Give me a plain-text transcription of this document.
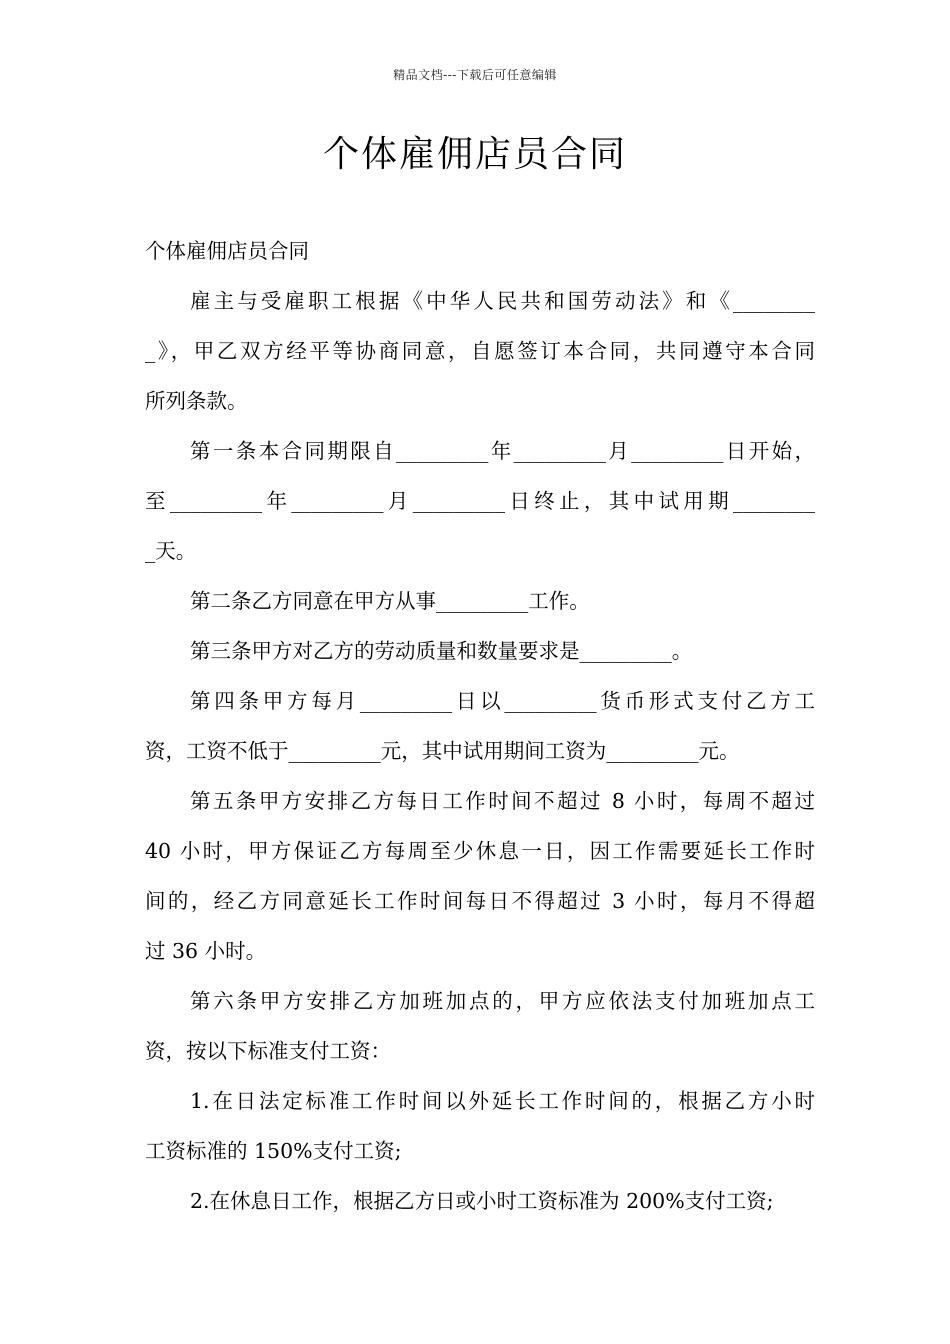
精品文档---下载后可任意编辑
个体雇佣店员合同
个体雇佣店员合同
雇主与受雇职工根据《中华人民共和国劳动法》和《________
_》，甲乙双方经平等协商同意，自愿签订本合同，共同遵守本合同
所列条款。
第一条本合同期限自_________年_________月_________日开始，
至_________年_________月_________日终止，其中试用期________
_天。
第二条乙方同意在甲方从事_________工作。
第三条甲方对乙方的劳动质量和数量要求是_________。
第四条甲方每月_________日以_________货币形式支付乙方工
资，工资不低于_________元，其中试用期间工资为_________元。
第五条甲方安排乙方每日工作时间不超过 8 小时，每周不超过
40 小时，甲方保证乙方每周至少休息一日，因工作需要延长工作时
间的，经乙方同意延长工作时间每日不得超过 3 小时，每月不得超
过 36 小时。
第六条甲方安排乙方加班加点的，甲方应依法支付加班加点工
资，按以下标准支付工资：
1.在日法定标准工作时间以外延长工作时间的，根据乙方小时
工资标准的 150%支付工资;
2.在休息日工作，根据乙方日或小时工资标准为 200%支付工资;
